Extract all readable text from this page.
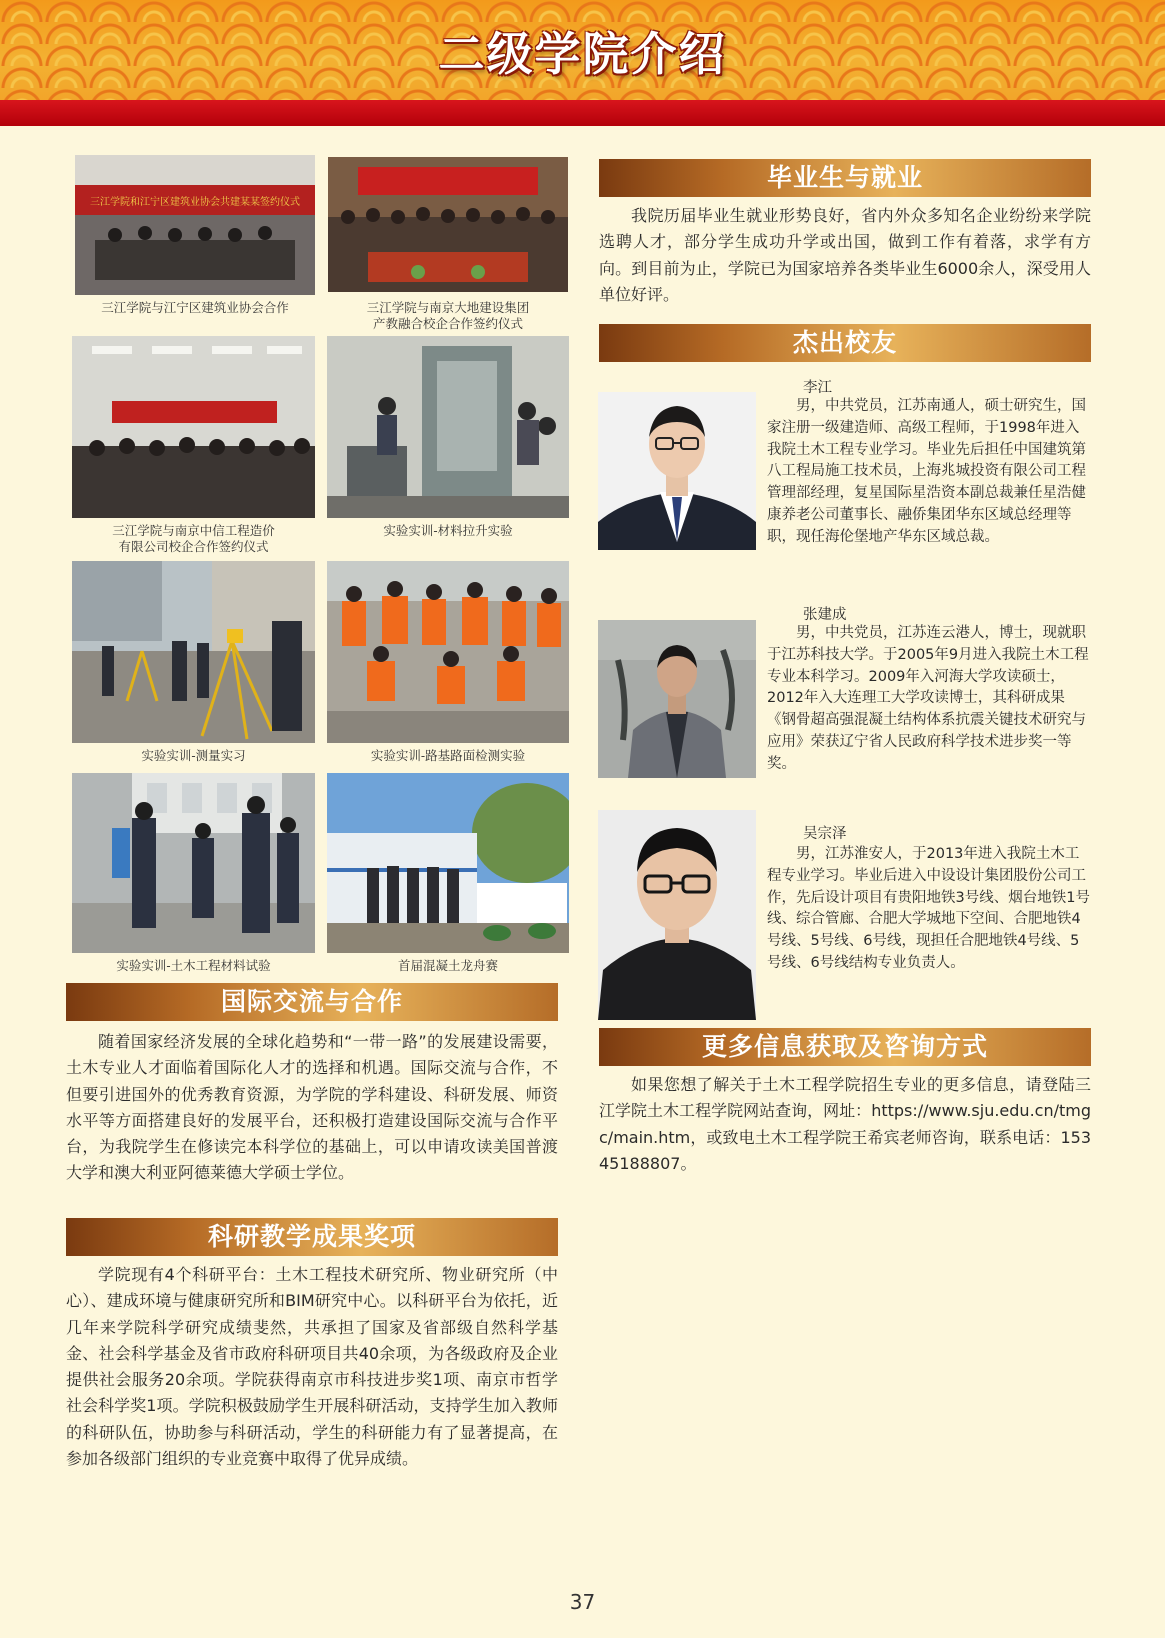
二级学院介绍
三江学院和江宁区建筑业协会共建某某签约仪式
三江学院与江宁区建筑业协会合作	三江学院与南京大地建设集团
产教融合校企合作签约仪式
三江学院与南京中信工程造价
有限公司校企合作签约仪式
实验实训-材料拉升实验
实验实训-测量实习	实验实训-路基路面检测实验
实验实训-土木工程材料试验	首届混凝土龙舟赛
国际交流与合作

随着国家经济发展的全球化趋势和“一带一路”的发展建设需要，土木专业人才面临着国际化人才的选择和机遇。国际交流与合作，不但要引进国外的优秀教育资源，为学院的学科建设、科研发展、师资水平等方面搭建良好的发展平台，还积极打造建设国际交流与合作平台，为我院学生在修读完本科学位的基础上，可以申请攻读美国普渡大学和澳大利亚阿德莱德大学硕士学位。

科研教学成果奖项

学院现有4个科研平台：土木工程技术研究所、物业研究所（中心）、建成环境与健康研究所和BIM研究中心。以科研平台为依托，近几年来学院科学研究成绩斐然，共承担了国家及省部级自然科学基金、社会科学基金及省市政府科研项目共40余项，为各级政府及企业提供社会服务20余项。学院获得南京市科技进步奖1项、南京市哲学社会科学奖1项。学院积极鼓励学生开展科研活动，支持学生加入教师的科研队伍，协助参与科研活动，学生的科研能力有了显著提高，在参加各级部门组织的专业竞赛中取得了优异成绩。

毕业生与就业

我院历届毕业生就业形势良好，省内外众多知名企业纷纷来学院选聘人才，部分学生成功升学或出国，做到工作有着落，求学有方向。到目前为止，学院已为国家培养各类毕业生6000余人，深受用人单位好评。

杰出校友
李江

男，中共党员，江苏南通人，硕士研究生，国家注册一级建造师、高级工程师，于1998年进入我院土木工程专业学习。毕业先后担任中国建筑第八工程局施工技术员，上海兆城投资有限公司工程管理部经理，复星国际星浩资本副总裁兼任星浩健康养老公司董事长、融侨集团华东区域总经理等职，现任海伦堡地产华东区域总裁。

张建成

男，中共党员，江苏连云港人，博士，现就职于江苏科技大学。于2005年9月进入我院土木工程专业本科学习。2009年入河海大学攻读硕士，2012年入大连理工大学攻读博士，其科研成果《钢骨超高强混凝土结构体系抗震关键技术研究与应用》荣获辽宁省人民政府科学技术进步奖一等奖。

吴宗泽

男，江苏淮安人，于2013年进入我院土木工程专业学习。毕业后进入中设设计集团股份公司工作，先后设计项目有贵阳地铁3号线、烟台地铁1号线、综合管廊、合肥大学城地下空间、合肥地铁4号线、5号线、6号线，现担任合肥地铁4号线、5号线、6号线结构专业负责人。

更多信息获取及咨询方式

如果您想了解关于土木工程学院招生专业的更多信息，请登陆三江学院土木工程学院网站查询，网址：https://www.sju.edu.cn/tmgc/main.htm，或致电土木工程学院王希宾老师咨询，联系电话：15345188807。

37
